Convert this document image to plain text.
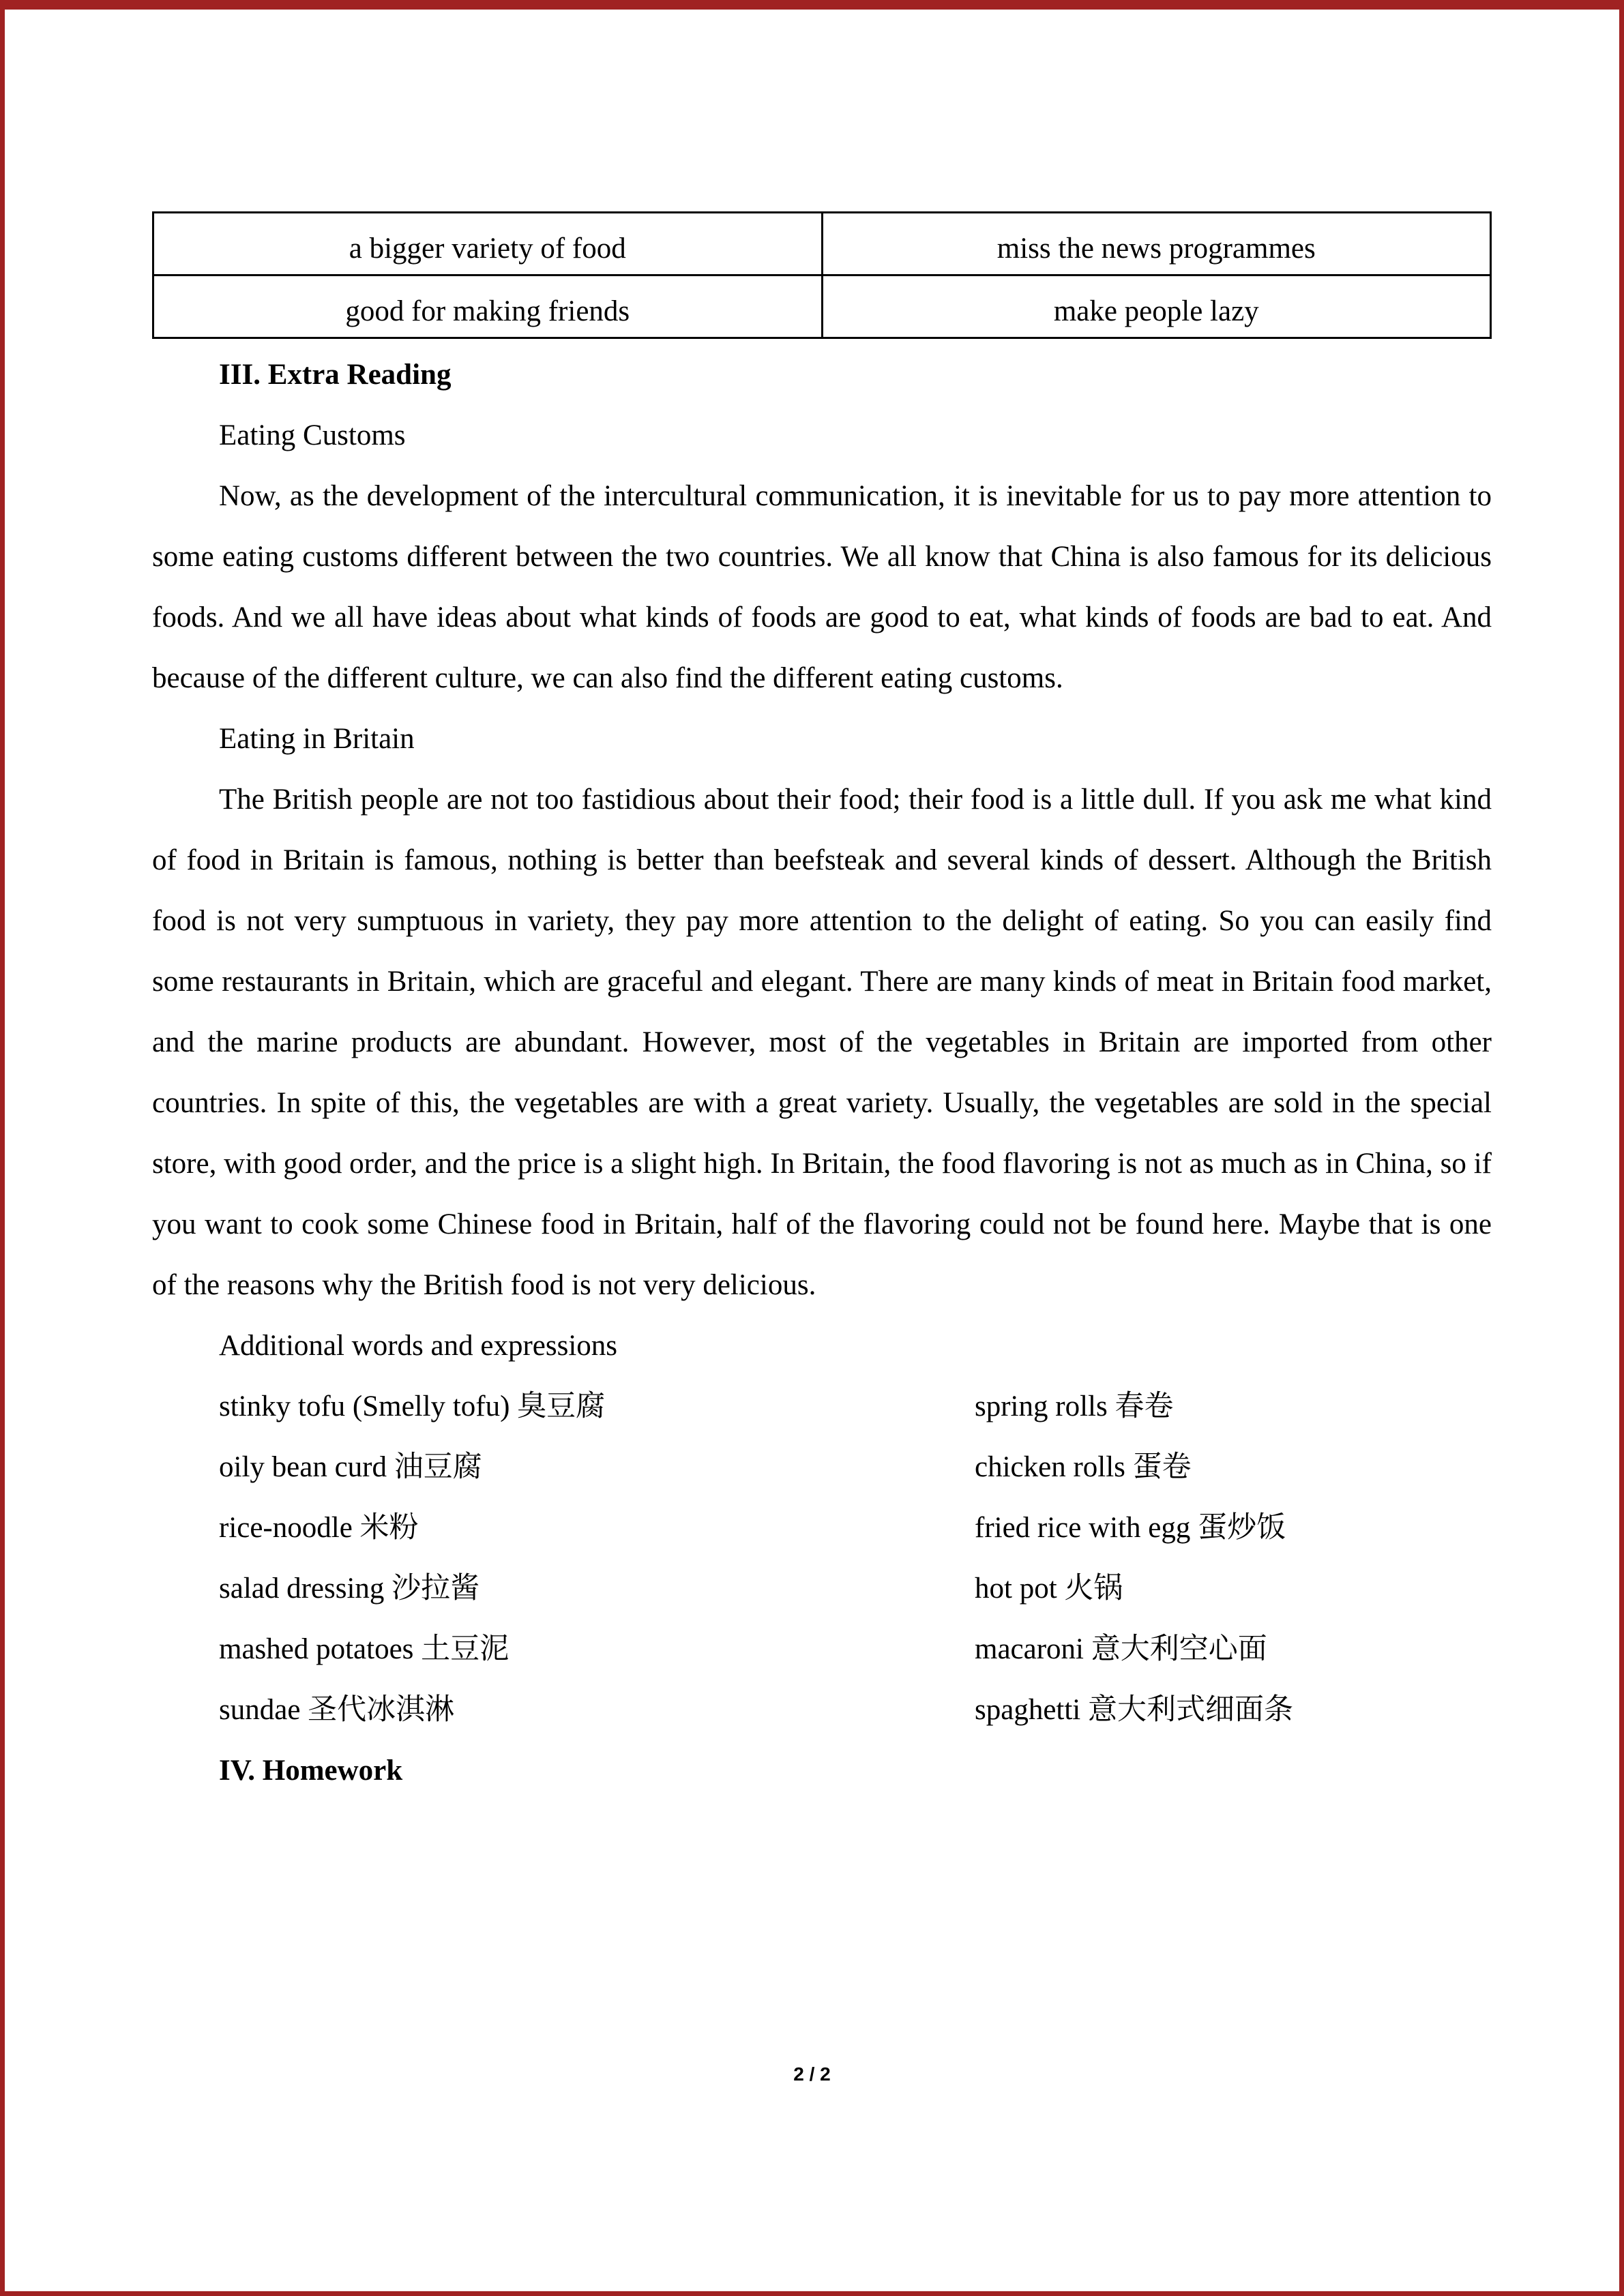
a bigger variety of food	miss the news programmes
good for making friends	make people lazy
III. Extra Reading
Eating Customs

Now, as the development of the intercultural communication, it is inevitable for us to pay more attention to some eating customs different between the two countries. We all know that China is also famous for its delicious foods. And we all have ideas about what kinds of foods are good to eat, what kinds of foods are bad to eat. And because of the different culture, we can also find the different eating customs.

Eating in Britain

The British people are not too fastidious about their food; their food is a little dull. If you ask me what kind of food in Britain is famous, nothing is better than beefsteak and several kinds of dessert. Although the British food is not very sumptuous in variety, they pay more attention to the delight of eating. So you can easily find some restaurants in Britain, which are graceful and elegant. There are many kinds of meat in Britain food market, and the marine products are abundant. However, most of the vegetables in Britain are imported from other countries. In spite of this, the vegetables are with a great variety. Usually, the vegetables are sold in the special store, with good order, and the price is a slight high. In Britain, the food flavoring is not as much as in China, so if you want to cook some Chinese food in Britain, half of the flavoring could not be found here. Maybe that is one of the reasons why the British food is not very delicious.

Additional words and expressions
stinky tofu (Smelly tofu) 臭豆腐	spring rolls 春卷
oily bean curd 油豆腐	chicken rolls 蛋卷
rice-noodle 米粉	fried rice with egg 蛋炒饭
salad dressing 沙拉酱	hot pot 火锅
mashed potatoes 土豆泥	macaroni 意大利空心面
sundae 圣代冰淇淋	spaghetti 意大利式细面条
IV. Homework
2 / 2
